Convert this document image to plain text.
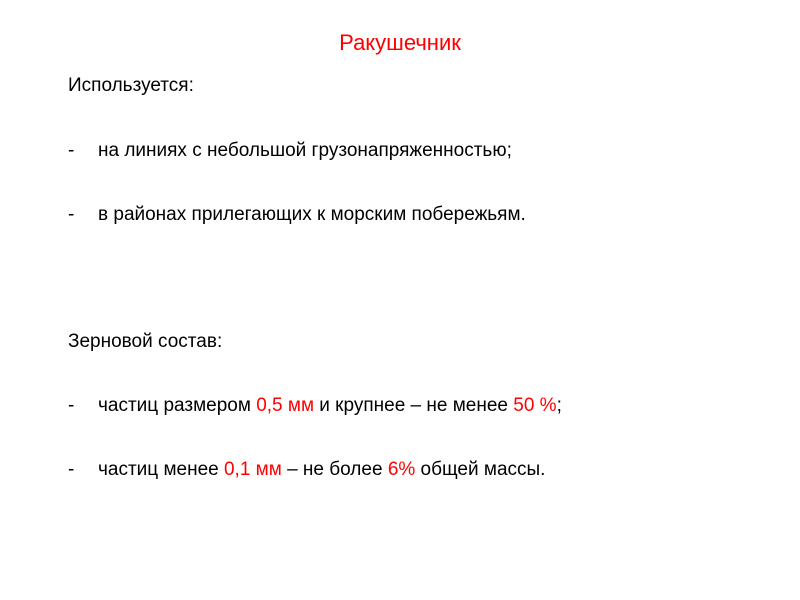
Ракушечник
Используется:
- на линиях с небольшой грузонапряженностью;
- в районах прилегающих к морским побережьям.
Зерновой состав:
- частиц размером 0,5 мм и крупнее – не менее 50 %;
- частиц менее 0,1 мм – не более 6% общей массы.
